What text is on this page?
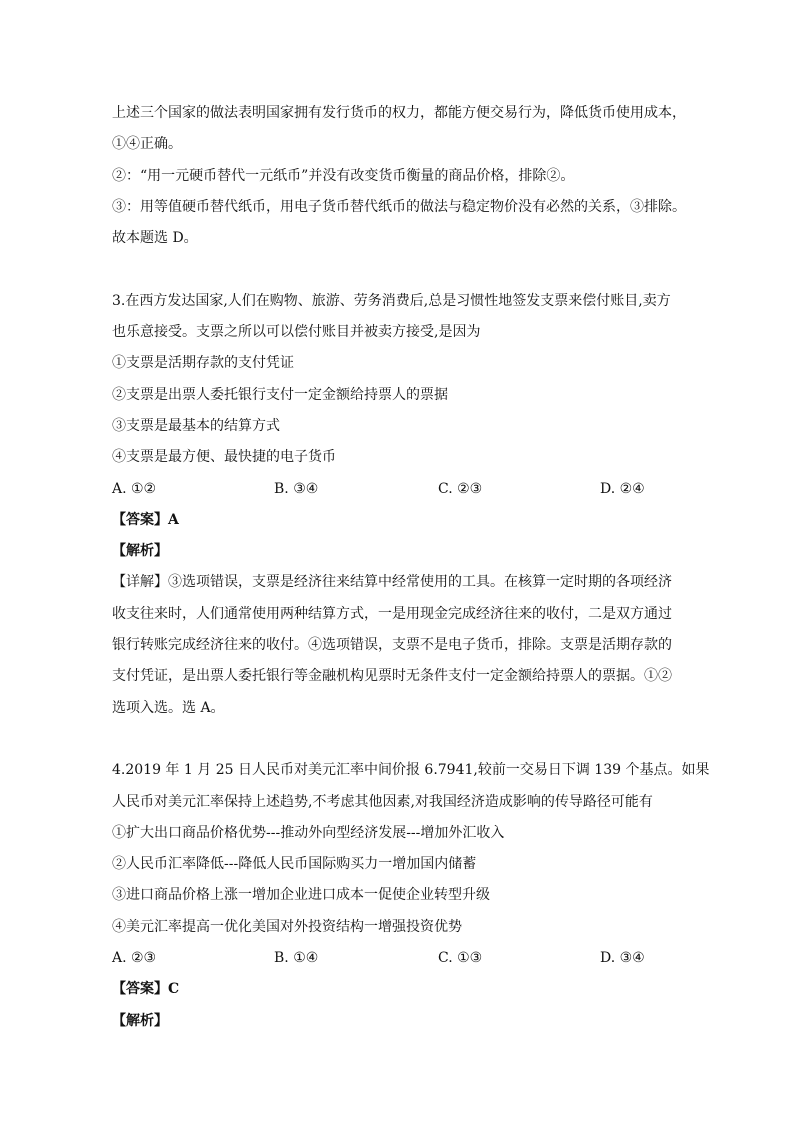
上述三个国家的做法表明国家拥有发行货币的权力，都能方便交易行为，降低货币使用成本，

①④正确。

②：“用一元硬币替代一元纸币”并没有改变货币衡量的商品价格，排除②。

③：用等值硬币替代纸币，用电子货币替代纸币的做法与稳定物价没有必然的关系，③排除。

故本题选 D。

3.在西方发达国家,人们在购物、旅游、劳务消费后,总是习惯性地签发支票来偿付账目,卖方

也乐意接受。支票之所以可以偿付账目并被卖方接受,是因为

①支票是活期存款的支付凭证

②支票是出票人委托银行支付一定金额给持票人的票据

③支票是最基本的结算方式

④支票是最方便、最快捷的电子货币

A. ①②	B. ③④	C. ②③	D. ②④

【答案】A

【解析】

【详解】③选项错误，支票是经济往来结算中经常使用的工具。在核算一定时期的各项经济

收支往来时，人们通常使用两种结算方式，一是用现金完成经济往来的收付，二是双方通过

银行转账完成经济往来的收付。④选项错误，支票不是电子货币，排除。支票是活期存款的

支付凭证，是出票人委托银行等金融机构见票时无条件支付一定金额给持票人的票据。①②

选项入选。选 A。

4.2019 年 1 月 25 日人民币对美元汇率中间价报 6.7941,较前一交易日下调 139 个基点。如果

人民币对美元汇率保持上述趋势,不考虑其他因素,对我国经济造成影响的传导路径可能有

①扩大出口商品价格优势---推动外向型经济发展---增加外汇收入

②人民币汇率降低---降低人民币国际购买力一增加国内储蓄

③进口商品价格上涨一增加企业进口成本一促使企业转型升级

④美元汇率提高一优化美国对外投资结构一增强投资优势

A. ②③	B. ①④	C. ①③	D. ③④

【答案】C

【解析】
